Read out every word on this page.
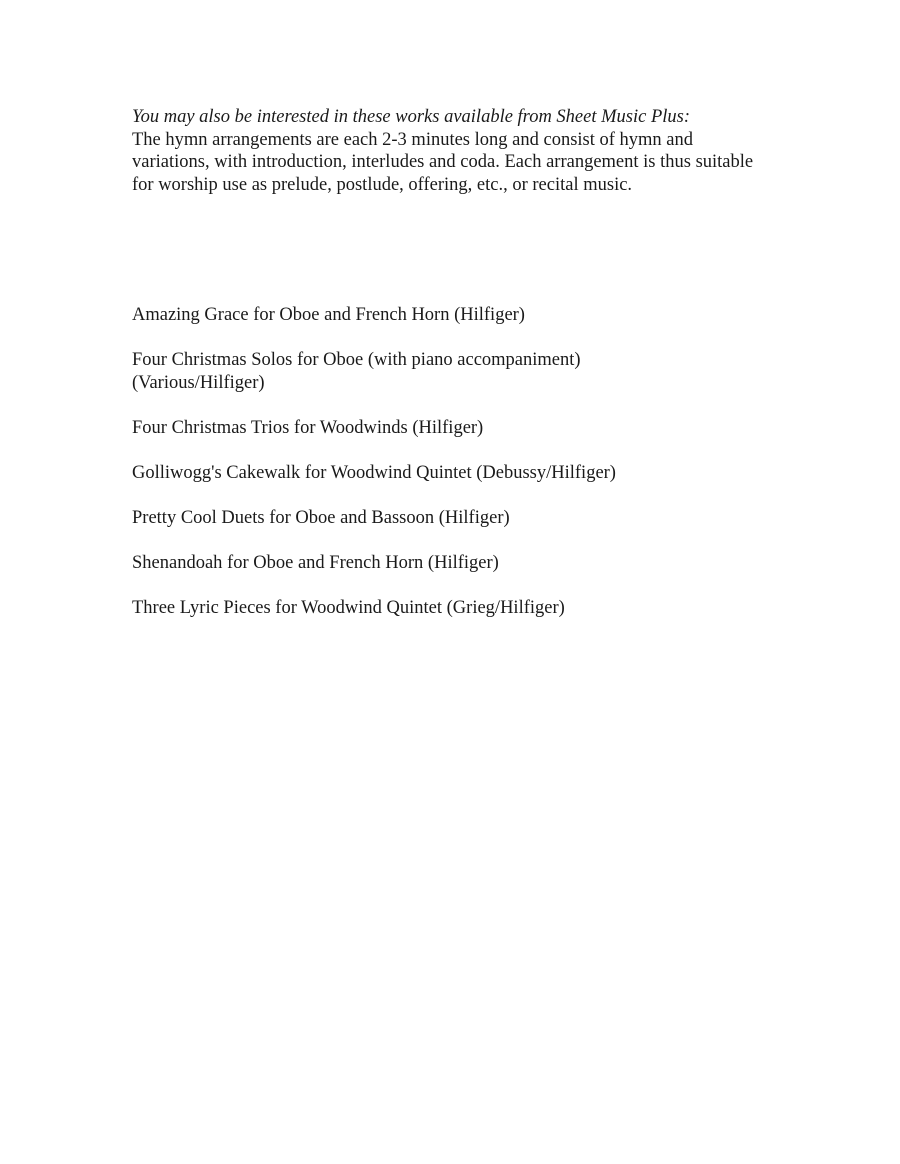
You may also be interested in these works available from Sheet Music Plus:
The hymn arrangements are each 2-3 minutes long and consist of hymn and variations, with introduction, interludes and coda. Each arrangement is thus suitable for worship use as prelude, postlude, offering, etc., or recital music.

Amazing Grace for Oboe and French Horn (Hilfiger)
Four Christmas Solos for Oboe (with piano accompaniment) (Various/Hilfiger)
Four Christmas Trios for Woodwinds (Hilfiger)
Golliwogg's Cakewalk for Woodwind Quintet (Debussy/Hilfiger)
Pretty Cool Duets for Oboe and Bassoon (Hilfiger)
Shenandoah for Oboe and French Horn (Hilfiger)
Three Lyric Pieces for Woodwind Quintet (Grieg/Hilfiger)
